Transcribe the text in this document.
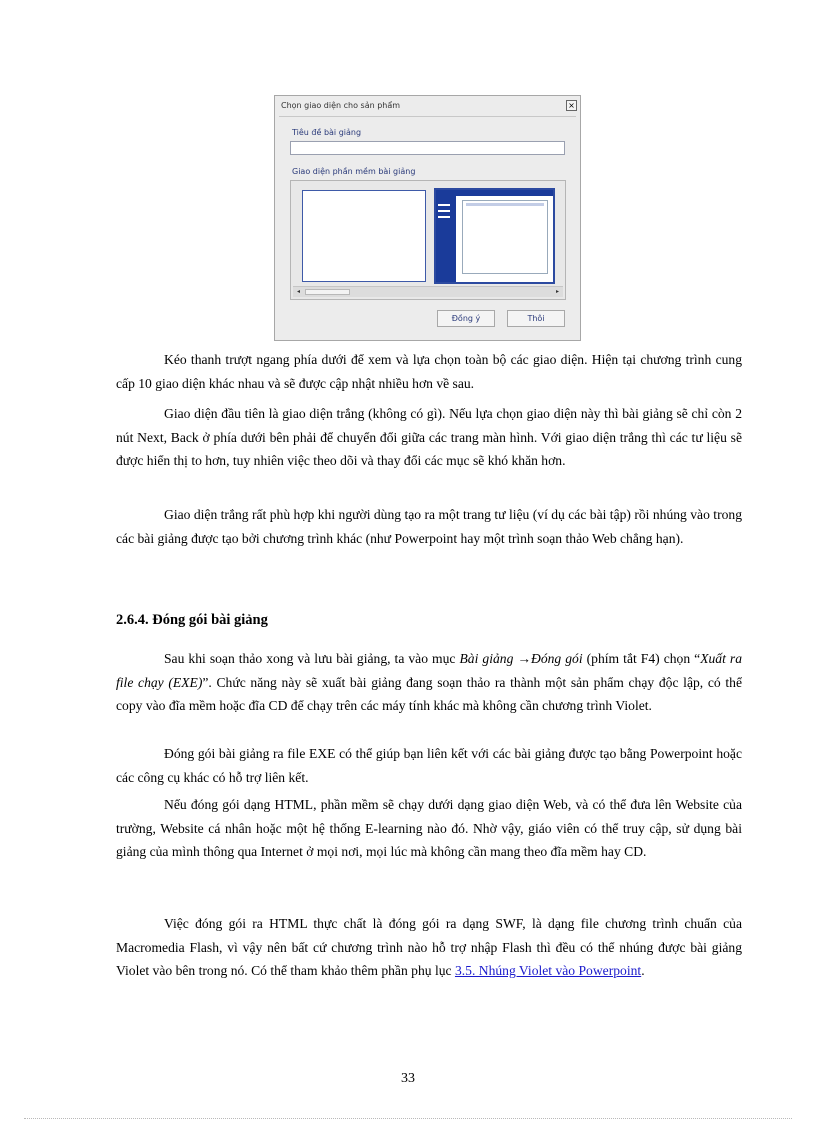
Chọn giao diện cho sản phẩm	×
Tiêu đề bài giảng
Giao diện phần mềm bài giảng
◂	▸
Đồng ý	Thôi

Kéo thanh trượt ngang phía dưới để xem và lựa chọn toàn bộ các giao diện. Hiện tại chương trình cung cấp 10 giao diện khác nhau và sẽ được cập nhật nhiều hơn về sau.

Giao diện đầu tiên là giao diện trắng (không có gì). Nếu lựa chọn giao diện này thì bài giảng sẽ chỉ còn 2 nút Next, Back ở phía dưới bên phải để chuyển đổi giữa các trang màn hình. Với giao diện trắng thì các tư liệu sẽ được hiển thị to hơn, tuy nhiên việc theo dõi và thay đổi các mục sẽ khó khăn hơn.

Giao diện trắng rất phù hợp khi người dùng tạo ra một trang tư liệu (ví dụ các bài tập) rồi nhúng vào trong các bài giảng được tạo bởi chương trình khác (như Powerpoint hay một trình soạn thảo Web chẳng hạn).

2.6.4. Đóng gói bài giảng

Sau khi soạn thảo xong và lưu bài giảng, ta vào mục Bài giảng →Đóng gói (phím tắt F4) chọn “Xuất ra file chạy (EXE)”. Chức năng này sẽ xuất bài giảng đang soạn thảo ra thành một sản phẩm chạy độc lập, có thể copy vào đĩa mềm hoặc đĩa CD để chạy trên các máy tính khác mà không cần chương trình Violet.

Đóng gói bài giảng ra file EXE có thể giúp bạn liên kết với các bài giảng được tạo bằng Powerpoint hoặc các công cụ khác có hỗ trợ liên kết.

Nếu đóng gói dạng HTML, phần mềm sẽ chạy dưới dạng giao diện Web, và có thể đưa lên Website của trường, Website cá nhân hoặc một hệ thống E-learning nào đó. Nhờ vậy, giáo viên có thể truy cập, sử dụng bài giảng của mình thông qua Internet ở mọi nơi, mọi lúc mà không cần mang theo đĩa mềm hay CD.

Việc đóng gói ra HTML thực chất là đóng gói ra dạng SWF, là dạng file chương trình chuẩn của Macromedia Flash, vì vậy nên bất cứ chương trình nào hỗ trợ nhập Flash thì đều có thể nhúng được bài giảng Violet vào bên trong nó. Có thể tham khảo thêm phần phụ lục 3.5. Nhúng Violet vào Powerpoint.

33
